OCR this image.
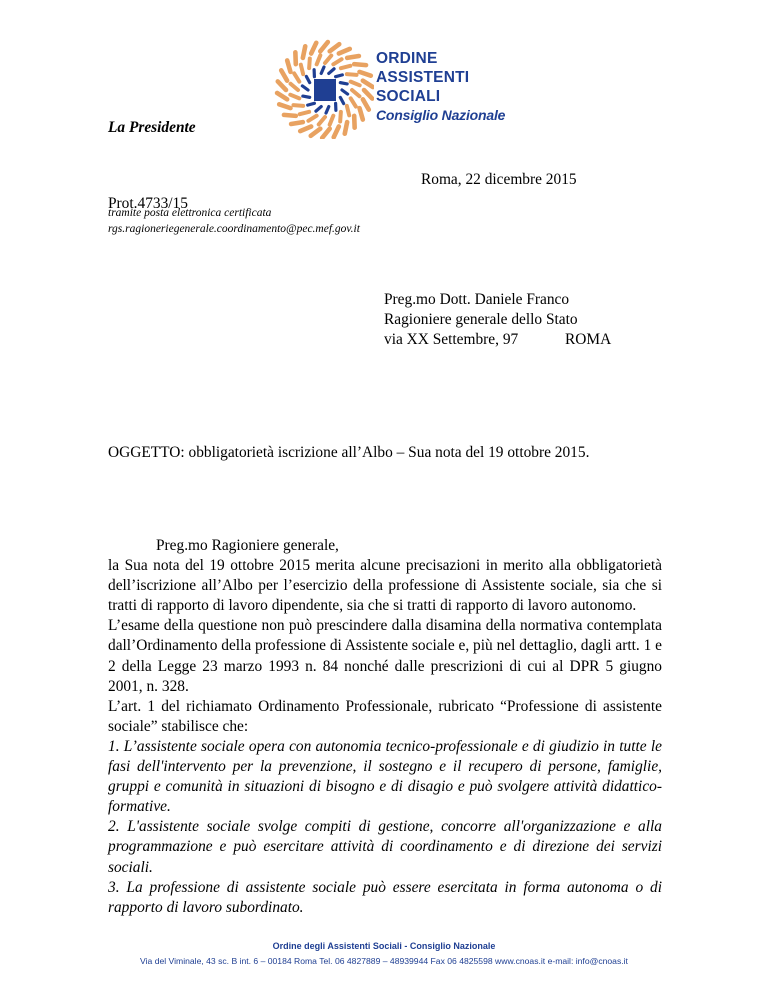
ORDINE
ASSISTENTI
SOCIALI
Consiglio Nazionale
La Presidente
Roma, 22 dicembre 2015
Prot.4733/15
tramite posta elettronica certificata
rgs.ragioneriegenerale.coordinamento@pec.mef.gov.it
Preg.mo Dott. Daniele Franco
Ragioniere generale dello Stato
via XX Settembre, 97	ROMA
OGGETTO: obbligatorietà iscrizione all’Albo – Sua nota del 19 ottobre 2015.

Preg.mo Ragioniere generale,

la Sua nota del 19 ottobre 2015 merita alcune precisazioni in merito alla obbligatorietà dell’iscrizione all’Albo per l’esercizio della professione di Assistente sociale, sia che si tratti di rapporto di lavoro dipendente, sia che si tratti di rapporto di lavoro autonomo.

L’esame della questione non può prescindere dalla disamina della normativa contemplata dall’Ordinamento della professione di Assistente sociale e, più nel dettaglio, dagli artt. 1 e 2 della Legge 23 marzo 1993 n. 84 nonché dalle prescrizioni di cui al DPR 5 giugno 2001, n. 328.

L’art. 1 del richiamato Ordinamento Professionale, rubricato “Professione di assistente sociale” stabilisce che:

1. L’assistente sociale opera con autonomia tecnico-professionale e di giudizio in tutte le fasi dell'intervento per la prevenzione, il sostegno e il recupero di persone, famiglie, gruppi e comunità in situazioni di bisogno e di disagio e può svolgere attività didattico-formative.

2. L'assistente sociale svolge compiti di gestione, concorre all'organizzazione e alla programmazione e può esercitare attività di coordinamento e di direzione dei servizi sociali.

3. La professione di assistente sociale può essere esercitata in forma autonoma o di rapporto di lavoro subordinato.

Ordine degli Assistenti Sociali - Consiglio Nazionale
Via del Viminale, 43 sc. B int. 6 – 00184 Roma Tel. 06 4827889 – 48939944 Fax 06 4825598 www.cnoas.it e-mail: info@cnoas.it
